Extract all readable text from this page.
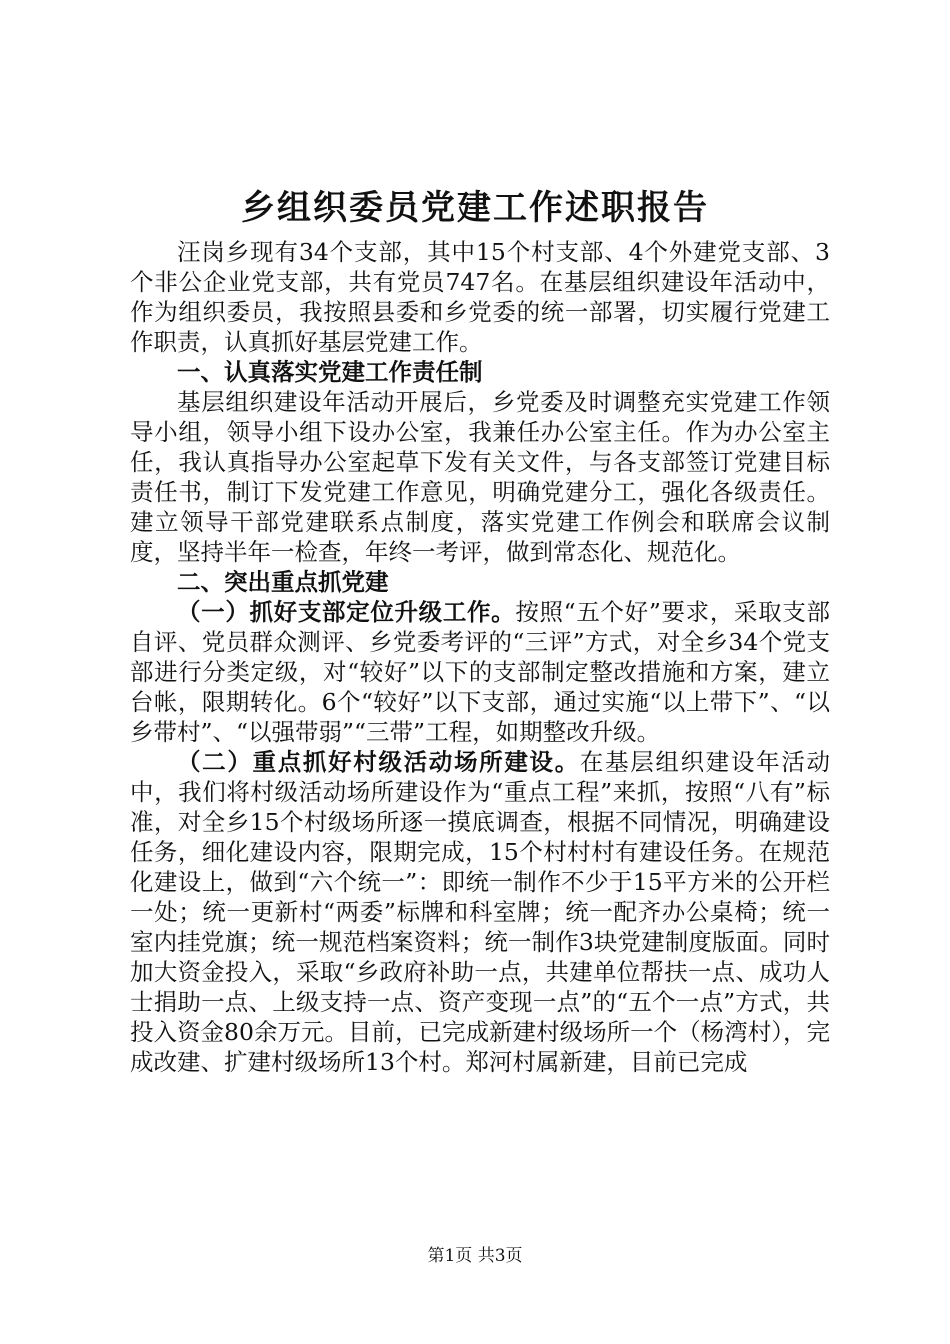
乡组织委员党建工作述职报告

汪岗乡现有34个支部，其中15个村支部、4个外建党支部、3个非公企业党支部，共有党员747名。在基层组织建设年活动中，作为组织委员，我按照县委和乡党委的统一部署，切实履行党建工作职责，认真抓好基层党建工作。

一、认真落实党建工作责任制

基层组织建设年活动开展后，乡党委及时调整充实党建工作领导小组，领导小组下设办公室，我兼任办公室主任。作为办公室主任，我认真指导办公室起草下发有关文件，与各支部签订党建目标责任书，制订下发党建工作意见，明确党建分工，强化各级责任。建立领导干部党建联系点制度，落实党建工作例会和联席会议制度，坚持半年一检查，年终一考评，做到常态化、规范化。

二、突出重点抓党建

（一）抓好支部定位升级工作。按照“五个好”要求，采取支部自评、党员群众测评、乡党委考评的“三评”方式，对全乡34个党支部进行分类定级，对“较好”以下的支部制定整改措施和方案，建立台帐，限期转化。6个“较好”以下支部，通过实施“以上带下”、“以乡带村”、“以强带弱”“三带”工程，如期整改升级。

（二）重点抓好村级活动场所建设。在基层组织建设年活动中，我们将村级活动场所建设作为“重点工程”来抓，按照“八有”标准，对全乡15个村级场所逐一摸底调查，根据不同情况，明确建设任务，细化建设内容，限期完成，15个村村村有建设任务。在规范化建设上，做到“六个统一”：即统一制作不少于15平方米的公开栏一处；统一更新村“两委”标牌和科室牌；统一配齐办公桌椅；统一室内挂党旗；统一规范档案资料；统一制作3块党建制度版面。同时加大资金投入，采取“乡政府补助一点，共建单位帮扶一点、成功人士捐助一点、上级支持一点、资产变现一点”的“五个一点”方式，共投入资金80余万元。目前，已完成新建村级场所一个（杨湾村），完成改建、扩建村级场所13个村。郑河村属新建，目前已完成

第1页 共3页
